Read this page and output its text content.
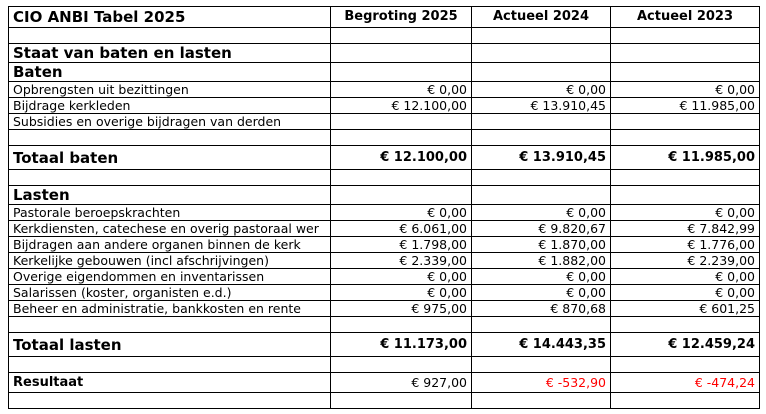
CIO ANBI Tabel 2025	Begroting 2025	Actueel 2024	Actueel 2023

Staat van baten en lasten			
Baten			
Opbrengsten uit bezittingen	€ 0,00	€ 0,00	€ 0,00
Bijdrage kerkleden	€ 12.100,00	€ 13.910,45	€ 11.985,00
Subsidies en overige bijdragen van derden			

Totaal baten	€ 12.100,00	€ 13.910,45	€ 11.985,00

Lasten			
Pastorale beroepskrachten	€ 0,00	€ 0,00	€ 0,00
Kerkdiensten, catechese en overig pastoraal wer	€ 6.061,00	€ 9.820,67	€ 7.842,99
Bijdragen aan andere organen binnen de kerk	€ 1.798,00	€ 1.870,00	€ 1.776,00
Kerkelijke gebouwen (incl afschrijvingen)	€ 2.339,00	€ 1.882,00	€ 2.239,00
Overige eigendommen en inventarissen	€ 0,00	€ 0,00	€ 0,00
Salarissen (koster, organisten e.d.)	€ 0,00	€ 0,00	€ 0,00
Beheer en administratie, bankkosten en rente	€ 975,00	€ 870,68	€ 601,25

Totaal lasten	€ 11.173,00	€ 14.443,35	€ 12.459,24

Resultaat	€ 927,00	€ -532,90	€ -474,24
